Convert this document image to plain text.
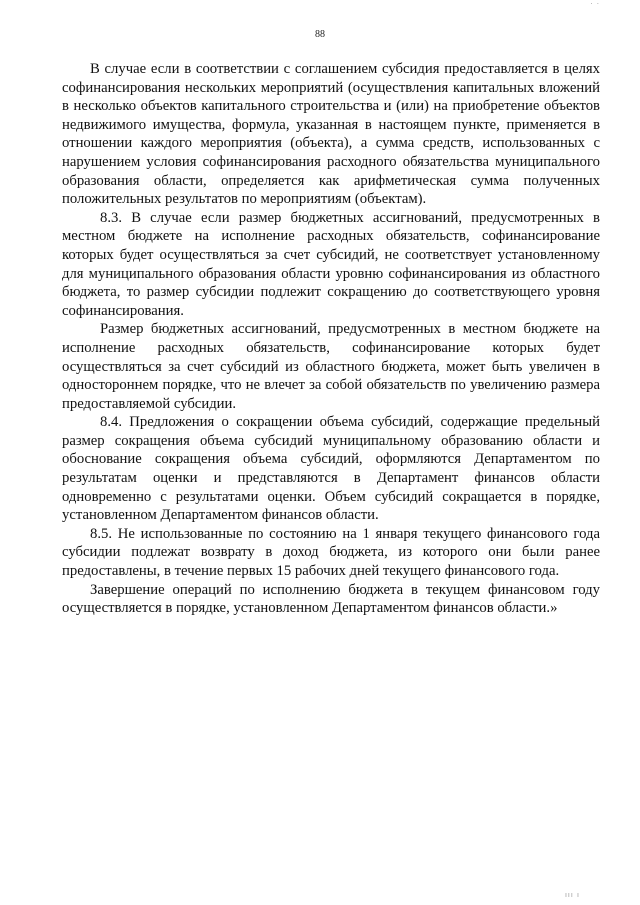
· ·
88

В случае если в соответствии с соглашением субсидия предоставляется в целях софинансирования нескольких мероприятий (осуществления капитальных вложений в несколько объектов капитального строительства и (или) на приобретение объектов недвижимого имущества, формула, указанная в настоящем пункте, применяется в отношении каждого мероприятия (объекта), а сумма средств, использованных с нарушением условия софинансирования расходного обязательства муниципального образования области, определяется как арифметическая сумма полученных положительных результатов по мероприятиям (объектам).

8.3. В случае если размер бюджетных ассигнований, предусмотренных в местном бюджете на исполнение расходных обязательств, софинансирование которых будет осуществляться за счет субсидий, не соответствует установленному для муниципального образования области уровню софинансирования из областного бюджета, то размер субсидии подлежит сокращению до соответствующего уровня софинансирования.

Размер бюджетных ассигнований, предусмотренных в местном бюджете на исполнение расходных обязательств, софинансирование которых будет осуществляться за счет субсидий из областного бюджета, может быть увеличен в одностороннем порядке, что не влечет за собой обязательств по увеличению размера предоставляемой субсидии.

8.4. Предложения о сокращении объема субсидий, содержащие предельный размер сокращения объема субсидий муниципальному образованию области и обоснование сокращения объема субсидий, оформляются Департаментом по результатам оценки и представляются в Департамент финансов области одновременно с результатами оценки. Объем субсидий сокращается в порядке, установленном Департаментом финансов области.

8.5. Не использованные по состоянию на 1 января текущего финансового года субсидии подлежат возврату в доход бюджета, из которого они были ранее предоставлены, в течение первых 15 рабочих дней текущего финансового года.

Завершение операций по исполнению бюджета в текущем финансовом году осуществляется в порядке, установленном Департаментом финансов области.»

ııı ı
